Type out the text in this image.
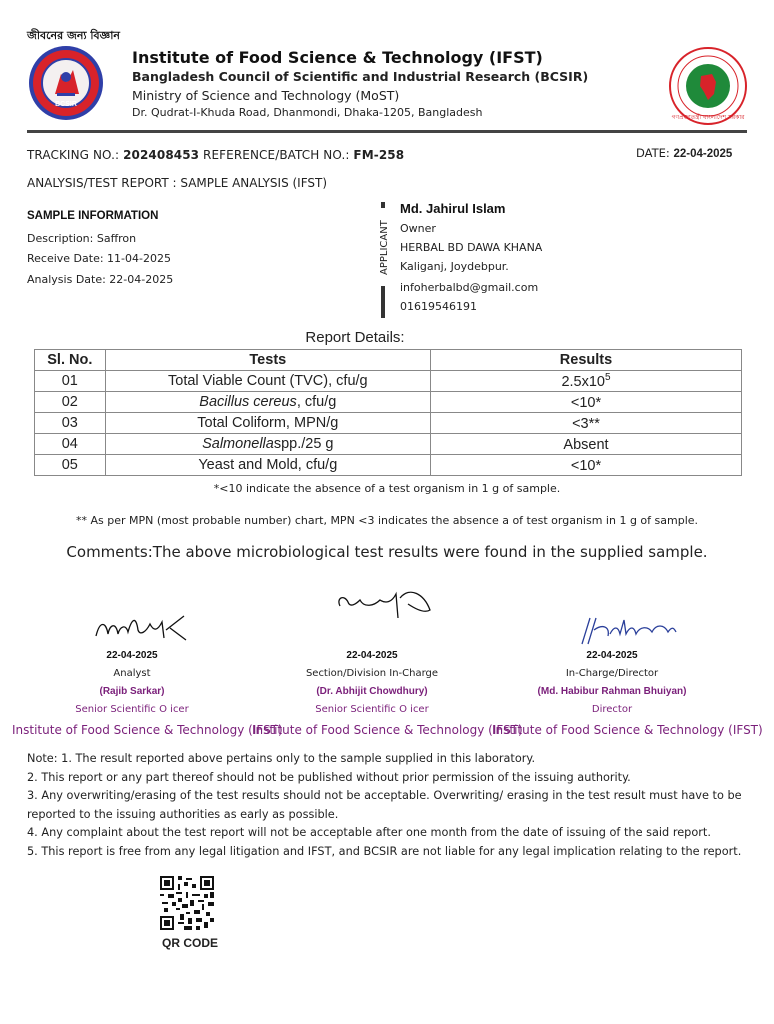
জীবনের জন্য বিজ্ঞান
BCSIR
Institute of Food Science & Technology (IFST)
Bangladesh Council of Scientific and Industrial Research (BCSIR)
Ministry of Science and Technology (MoST)
Dr. Qudrat-I-Khuda Road, Dhanmondi, Dhaka-1205, Bangladesh	গণপ্রজাতন্ত্রী বাংলাদেশ সরকার
TRACKING NO.: 202408453 REFERENCE/BATCH NO.: FM-258	DATE: 22-04-2025
ANALYSIS/TEST REPORT : SAMPLE ANALYSIS (IFST)
SAMPLE INFORMATION
Description: Saffron
Receive Date: 11-04-2025
Analysis Date: 22-04-2025
APPLICANT
Md. Jahirul Islam
Owner
HERBAL BD DAWA KHANA
Kaliganj, Joydebpur.
infoherbalbd@gmail.com
01619546191
Report Details:
Sl. No.	Tests	Results
01	Total Viable Count (TVC), cfu/g	$2.5x10^5$
02	Bacillus cereus, cfu/g	<10*
03	Total Coliform, MPN/g	<3**
04	Salmonellaspp./25 g	Absent
05	Yeast and Mold, cfu/g	<10*
*<10 indicate the absence of a test organism in 1 g of sample.
** As per MPN (most probable number) chart, MPN <3 indicates the absence a of test organism in 1 g of sample.
Comments:The above microbiological test results were found in the supplied sample.
22-04-2025
Analyst
(Rajib Sarkar)
Senior Scientific O icer
Institute of Food Science & Technology (IFST)
22-04-2025
Section/Division In-Charge
(Dr. Abhijit Chowdhury)
Senior Scientific O icer
Institute of Food Science & Technology (IFST)
22-04-2025
In-Charge/Director
(Md. Habibur Rahman Bhuiyan)
Director
Institute of Food Science & Technology (IFST)
Note: 1. The result reported above pertains only to the sample supplied in this laboratory.
2. This report or any part thereof should not be published without prior permission of the issuing authority.
3. Any overwriting/erasing of the test results should not be acceptable. Overwriting/ erasing in the test result must have to be reported to the issuing authorities as early as possible.
4. Any complaint about the test report will not be acceptable after one month from the date of issuing of the said report.
5. This report is free from any legal litigation and IFST, and BCSIR are not liable for any legal implication relating to the report.
QR CODE
